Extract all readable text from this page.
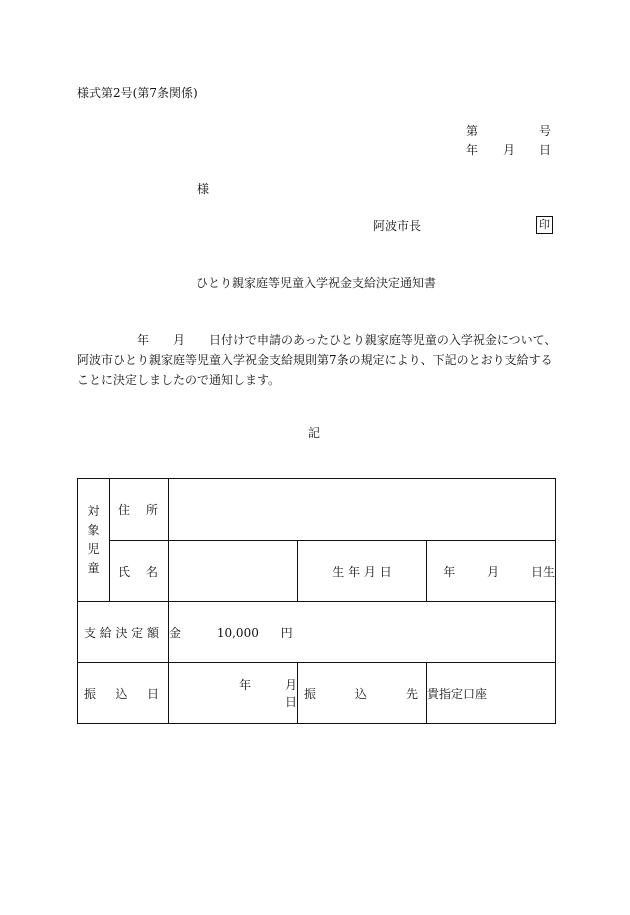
様式第2号(第7条関係)
第	号
年 月 日
様
阿波市長	印
ひとり親家庭等児童入学祝金支給決定通知書
　　　　　年　　月　　日付けで申請のあったひとり親家庭等児童の入学祝金について、阿波市ひとり親家庭等児童入学祝金支給規則第7条の規定により、下記のとおり支給することに決定しましたので通知します。
記
対
象
児
童	住 所			

	氏 名		生 年 月 日	年 月 日生

支 給 決 定 額		金 10,000 円		

振 込 日		年 月 日	振 込 先	貴指定口座
